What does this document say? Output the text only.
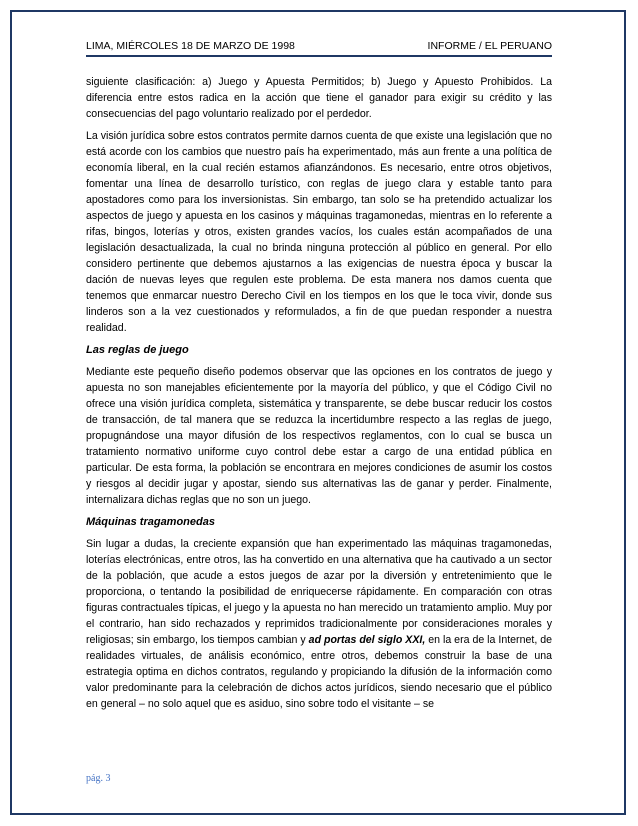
LIMA, MIÉRCOLES 18 DE MARZO DE 1998	INFORME / EL PERUANO

siguiente clasificación: a) Juego y Apuesta Permitidos; b) Juego y Apuesto Prohibidos. La diferencia entre estos radica en la acción que tiene el ganador para exigir su crédito y las consecuencias del pago voluntario realizado por el perdedor.

La visión jurídica sobre estos contratos permite darnos cuenta de que existe una legislación que no está acorde con los cambios que nuestro país ha experimentado, más aun frente a una política de economía liberal, en la cual recién estamos afianzándonos. Es necesario, entre otros objetivos, fomentar una línea de desarrollo turístico, con reglas de juego clara y estable tanto para apostadores como para los inversionistas. Sin embargo, tan solo se ha pretendido actualizar los aspectos de juego y apuesta en los casinos y máquinas tragamonedas, mientras en lo referente a rifas, bingos, loterías y otros, existen grandes vacíos, los cuales están acompañados de una legislación desactualizada, la cual no brinda ninguna protección al público en general. Por ello considero pertinente que debemos ajustarnos a las exigencias de nuestra época y buscar la dación de nuevas leyes que regulen este problema. De esta manera nos damos cuenta que tenemos que enmarcar nuestro Derecho Civil en los tiempos en los que le toca vivir, donde sus linderos son a la vez cuestionados y reformulados, a fin de que puedan responder a nuestra realidad.

Las reglas de juego

Mediante este pequeño diseño podemos observar que las opciones en los contratos de juego y apuesta no son manejables eficientemente por la mayoría del público, y que el Código Civil no ofrece una visión jurídica completa, sistemática y transparente, se debe buscar reducir los costos de transacción, de tal manera que se reduzca la incertidumbre respecto a las reglas de juego, propugnándose una mayor difusión de los respectivos reglamentos, con lo cual se busca un tratamiento normativo uniforme cuyo control debe estar a cargo de una entidad pública en particular. De esta forma, la población se encontrara en mejores condiciones de asumir los costos y riesgos al decidir jugar y apostar, siendo sus alternativas las de ganar y perder. Finalmente, internalizara dichas reglas que no son un juego.

Máquinas tragamonedas

Sin lugar a dudas, la creciente expansión que han experimentado las máquinas tragamonedas, loterías electrónicas, entre otros, las ha convertido en una alternativa que ha cautivado a un sector de la población, que acude a estos juegos de azar por la diversión y entretenimiento que le proporciona, o tentando la posibilidad de enriquecerse rápidamente. En comparación con otras figuras contractuales típicas, el juego y la apuesta no han merecido un tratamiento amplio. Muy por el contrario, han sido rechazados y reprimidos tradicionalmente por consideraciones morales y religiosas; sin embargo, los tiempos cambian y ad portas del siglo XXI, en la era de la Internet, de realidades virtuales, de análisis económico, entre otros, debemos construir la base de una estrategia optima en dichos contratos, regulando y propiciando la difusión de la información como valor predominante para la celebración de dichos actos jurídicos, siendo necesario que el público en general – no solo aquel que es asiduo, sino sobre todo el visitante – se

pág. 3
